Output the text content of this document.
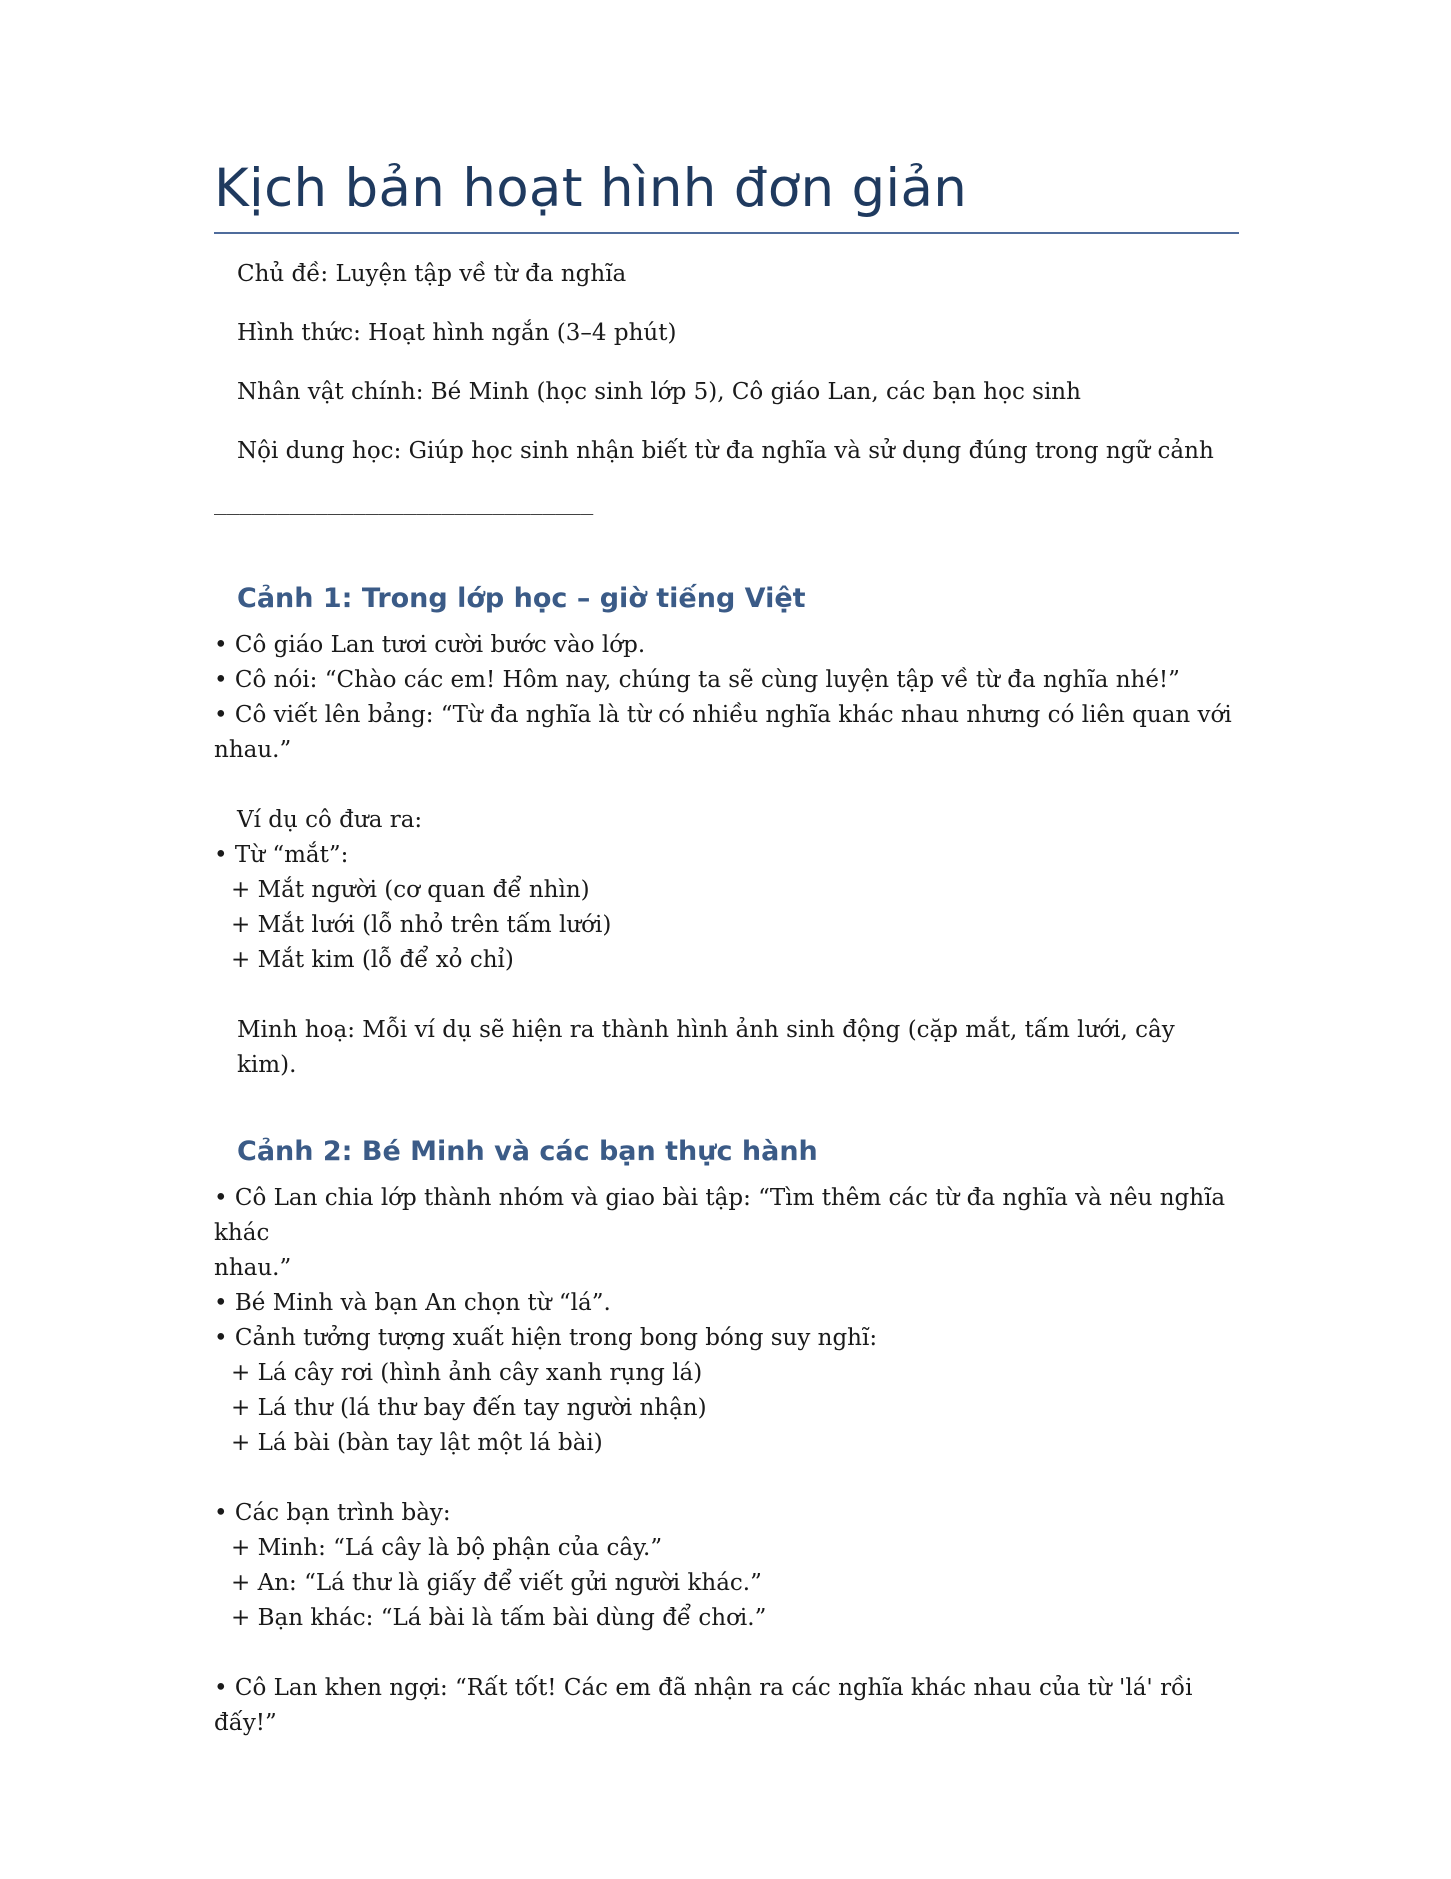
Kịch bản hoạt hình đơn giản

Chủ đề: Luyện tập về từ đa nghĩa

Hình thức: Hoạt hình ngắn (3–4 phút)

Nhân vật chính: Bé Minh (học sinh lớp 5), Cô giáo Lan, các bạn học sinh

Nội dung học: Giúp học sinh nhận biết từ đa nghĩa và sử dụng đúng trong ngữ cảnh

______________________________

Cảnh 1: Trong lớp học – giờ tiếng Việt

• Cô giáo Lan tươi cười bước vào lớp.

• Cô nói: “Chào các em! Hôm nay, chúng ta sẽ cùng luyện tập về từ đa nghĩa nhé!”

• Cô viết lên bảng: “Từ đa nghĩa là từ có nhiều nghĩa khác nhau nhưng có liên quan với

nhau.”

Ví dụ cô đưa ra:

• Từ “mắt”:

+ Mắt người (cơ quan để nhìn)

+ Mắt lưới (lỗ nhỏ trên tấm lưới)

+ Mắt kim (lỗ để xỏ chỉ)

Minh hoạ: Mỗi ví dụ sẽ hiện ra thành hình ảnh sinh động (cặp mắt, tấm lưới, cây kim).

Cảnh 2: Bé Minh và các bạn thực hành

• Cô Lan chia lớp thành nhóm và giao bài tập: “Tìm thêm các từ đa nghĩa và nêu nghĩa khác

nhau.”

• Bé Minh và bạn An chọn từ “lá”.

• Cảnh tưởng tượng xuất hiện trong bong bóng suy nghĩ:

+ Lá cây rơi (hình ảnh cây xanh rụng lá)

+ Lá thư (lá thư bay đến tay người nhận)

+ Lá bài (bàn tay lật một lá bài)

• Các bạn trình bày:

+ Minh: “Lá cây là bộ phận của cây.”

+ An: “Lá thư là giấy để viết gửi người khác.”

+ Bạn khác: “Lá bài là tấm bài dùng để chơi.”

• Cô Lan khen ngợi: “Rất tốt! Các em đã nhận ra các nghĩa khác nhau của từ 'lá' rồi đấy!”
